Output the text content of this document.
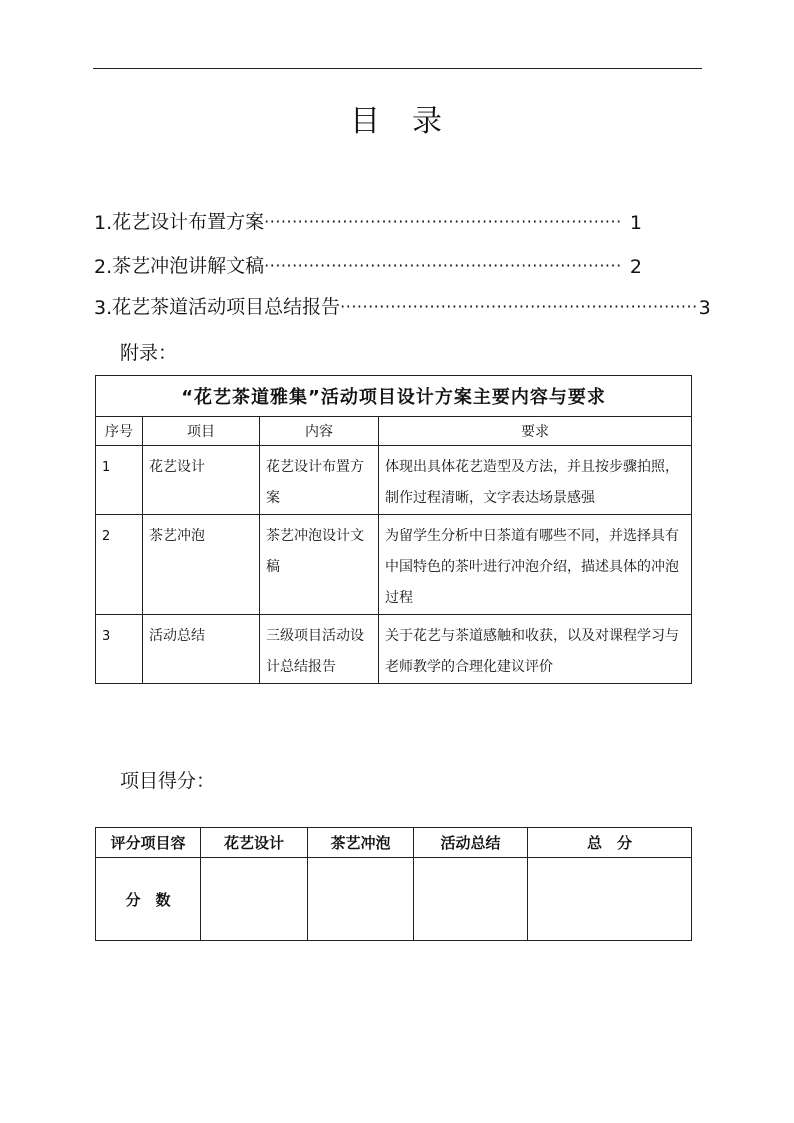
目 录
1. 花艺设计布置方案 ································································ 1
2. 茶艺冲泡讲解文稿 ································································ 2
3. 花艺茶道活动项目总结报告 ································································ 3
附录：
“花艺茶道雅集”活动项目设计方案主要内容与要求			
序号	项目	内容	要求
1	花艺设计	花艺设计布置方案	体现出具体花艺造型及方法，并且按步骤拍照，制作过程清晰，文字表达场景感强
2	茶艺冲泡	茶艺冲泡设计文稿	为留学生分析中日茶道有哪些不同，并选择具有中国特色的茶叶进行冲泡介绍，描述具体的冲泡过程
3	活动总结	三级项目活动设计总结报告	关于花艺与茶道感触和收获，以及对课程学习与老师教学的合理化建议评价
项目得分：
评分项目容	花艺设计	茶艺冲泡	活动总结	总　分
分　数				
